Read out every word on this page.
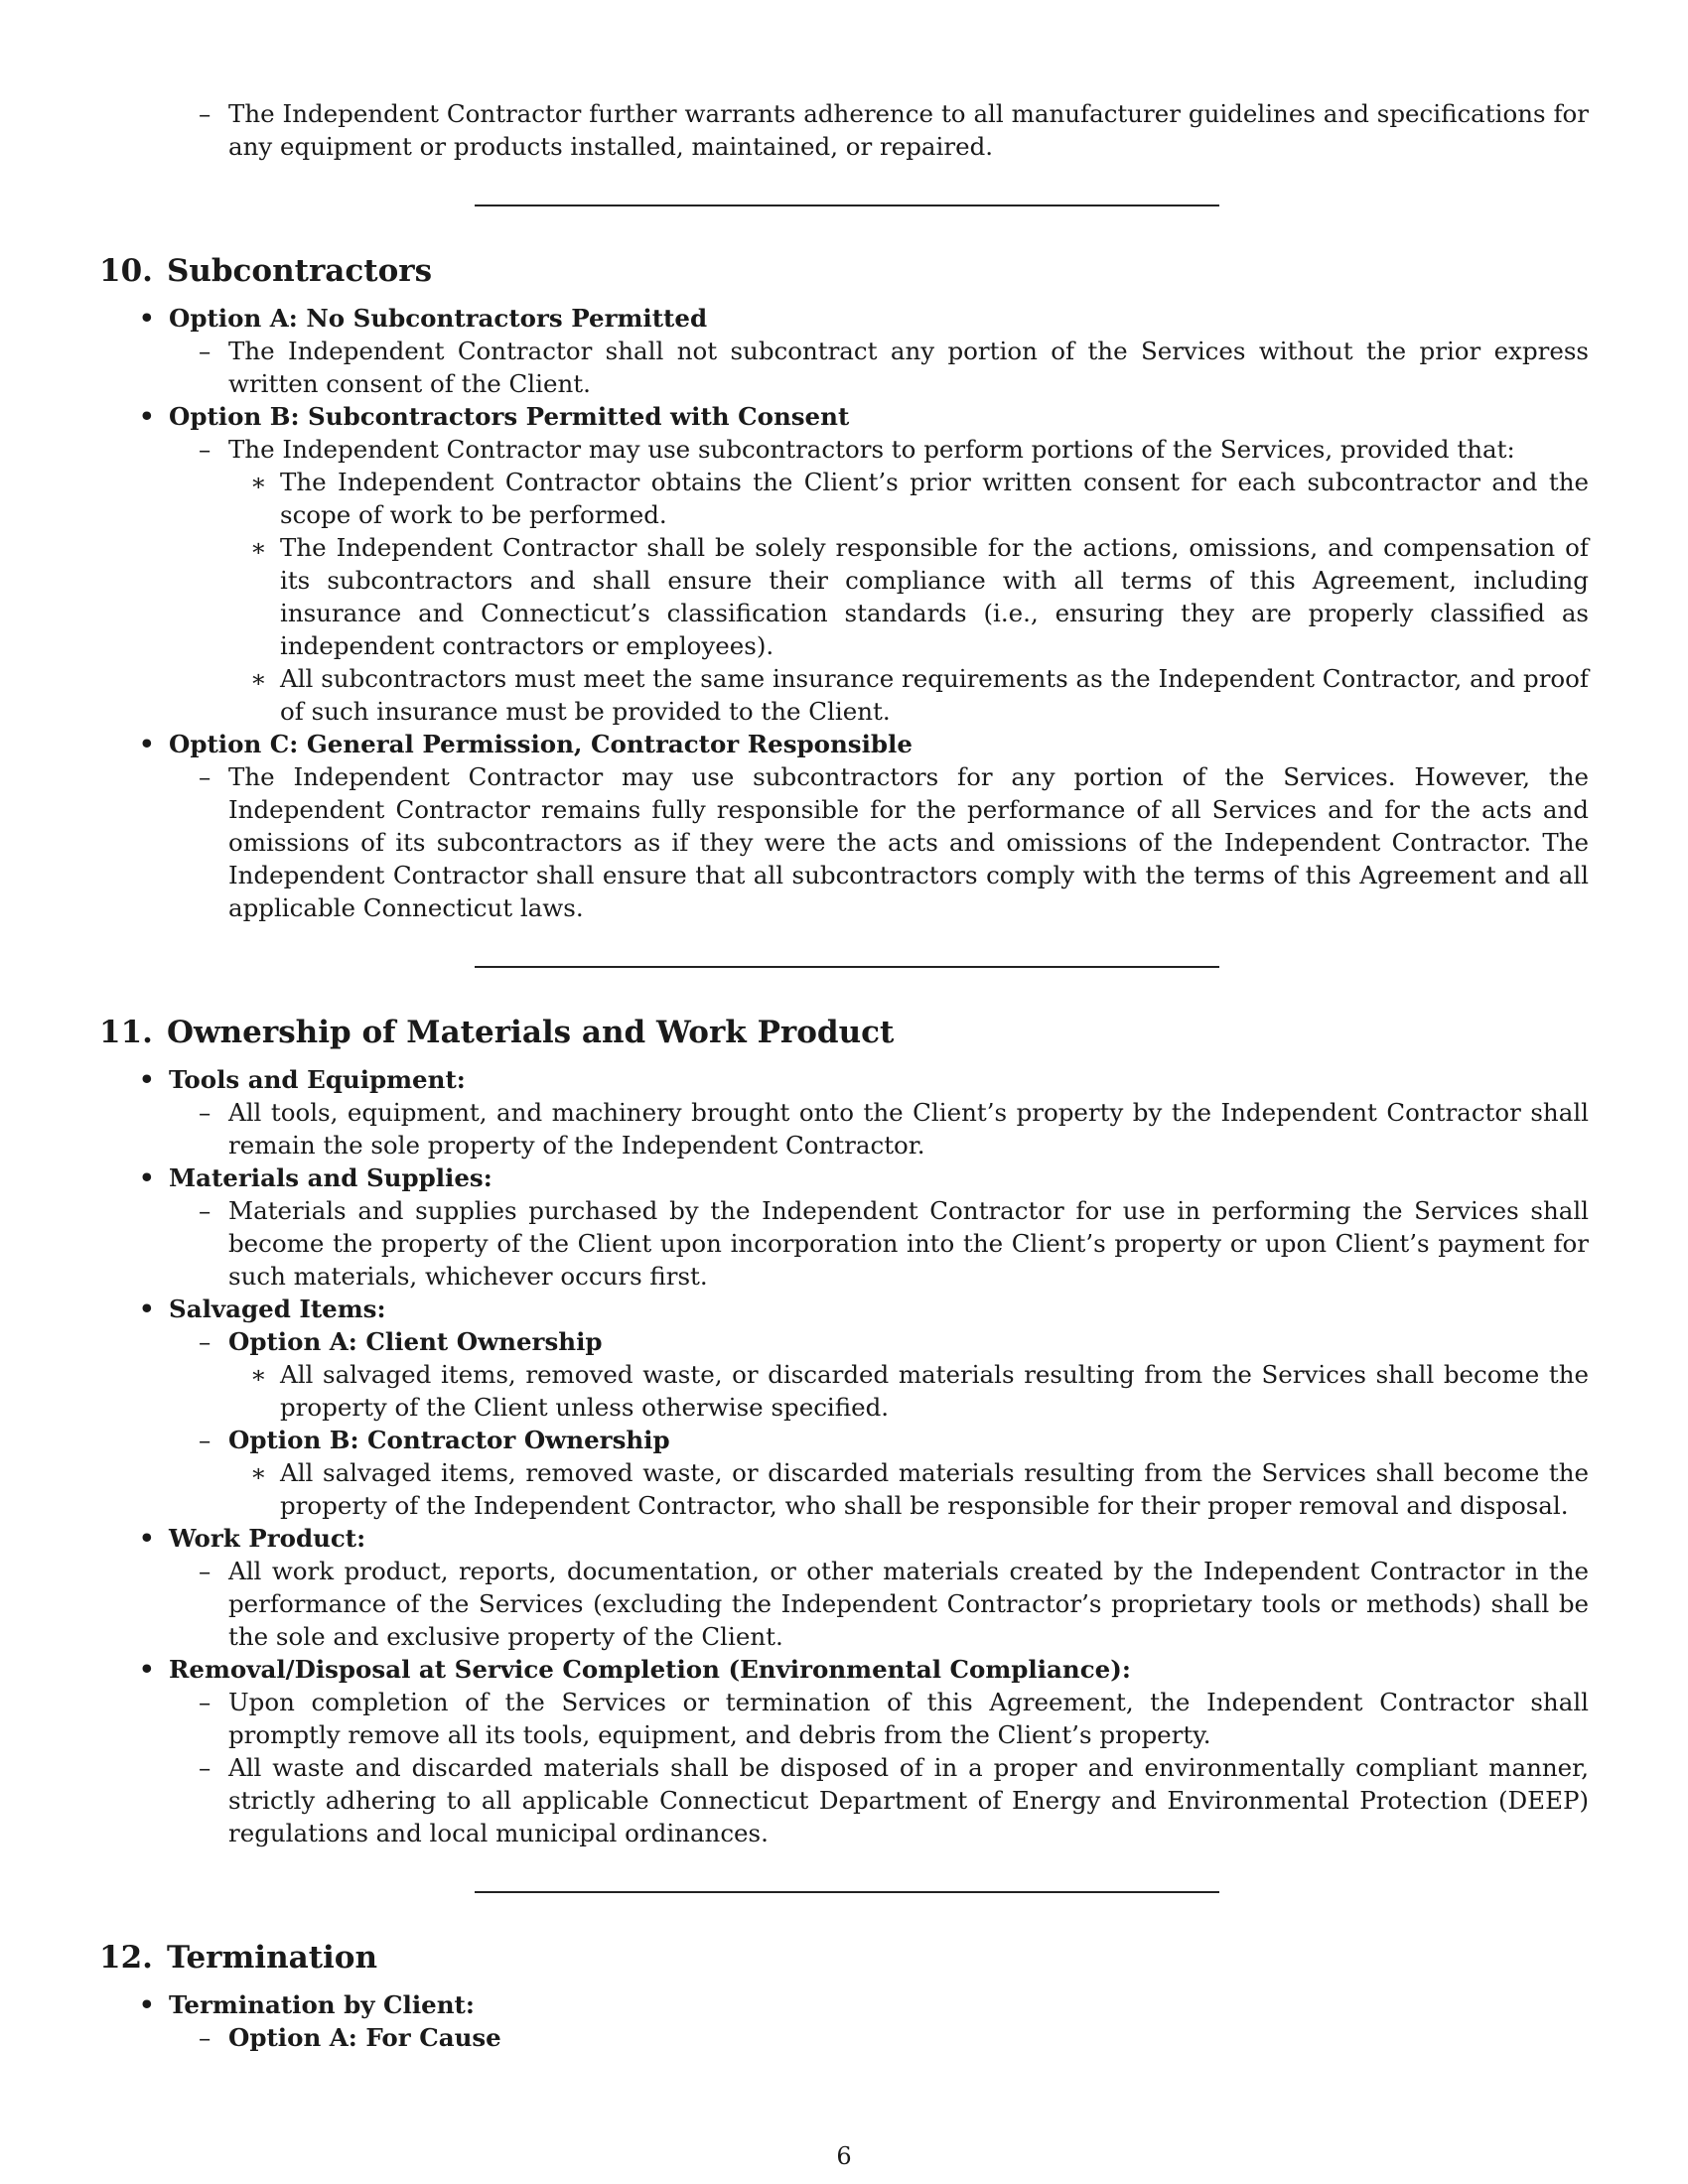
– The Independent Contractor further warrants adherence to all manufacturer guidelines and specifications for any equipment or products installed, maintained, or repaired.
10. Subcontractors
• Option A: No Subcontractors Permitted
– The Independent Contractor shall not subcontract any portion of the Services without the prior express written consent of the Client.
• Option B: Subcontractors Permitted with Consent
– The Independent Contractor may use subcontractors to perform portions of the Services, provided that:
∗ The Independent Contractor obtains the Client’s prior written consent for each subcontractor and the scope of work to be performed.
∗ The Independent Contractor shall be solely responsible for the actions, omissions, and compensation of its subcontractors and shall ensure their compliance with all terms of this Agreement, including insurance and Connecticut’s classification standards (i.e., ensuring they are properly classified as independent contractors or employees).
∗ All subcontractors must meet the same insurance requirements as the Independent Contractor, and proof of such insurance must be provided to the Client.
• Option C: General Permission, Contractor Responsible
– The Independent Contractor may use subcontractors for any portion of the Services. However, the Independent Contractor remains fully responsible for the performance of all Services and for the acts and omissions of its subcontractors as if they were the acts and omissions of the Independent Contractor. The Independent Contractor shall ensure that all subcontractors comply with the terms of this Agreement and all applicable Connecticut laws.
11. Ownership of Materials and Work Product
• Tools and Equipment:
– All tools, equipment, and machinery brought onto the Client’s property by the Independent Contractor shall remain the sole property of the Independent Contractor.
• Materials and Supplies:
– Materials and supplies purchased by the Independent Contractor for use in performing the Services shall become the property of the Client upon incorporation into the Client’s property or upon Client’s payment for such materials, whichever occurs first.
• Salvaged Items:
– Option A: Client Ownership
∗ All salvaged items, removed waste, or discarded materials resulting from the Services shall become the property of the Client unless otherwise specified.
– Option B: Contractor Ownership
∗ All salvaged items, removed waste, or discarded materials resulting from the Services shall become the property of the Independent Contractor, who shall be responsible for their proper removal and disposal.
• Work Product:
– All work product, reports, documentation, or other materials created by the Independent Contractor in the performance of the Services (excluding the Independent Contractor’s proprietary tools or methods) shall be the sole and exclusive property of the Client.
• Removal/Disposal at Service Completion (Environmental Compliance):
– Upon completion of the Services or termination of this Agreement, the Independent Contractor shall promptly remove all its tools, equipment, and debris from the Client’s property.
– All waste and discarded materials shall be disposed of in a proper and environmentally compliant manner, strictly adhering to all applicable Connecticut Department of Energy and Environmental Protection (DEEP) regulations and local municipal ordinances.
12. Termination
• Termination by Client:
– Option A: For Cause
6
